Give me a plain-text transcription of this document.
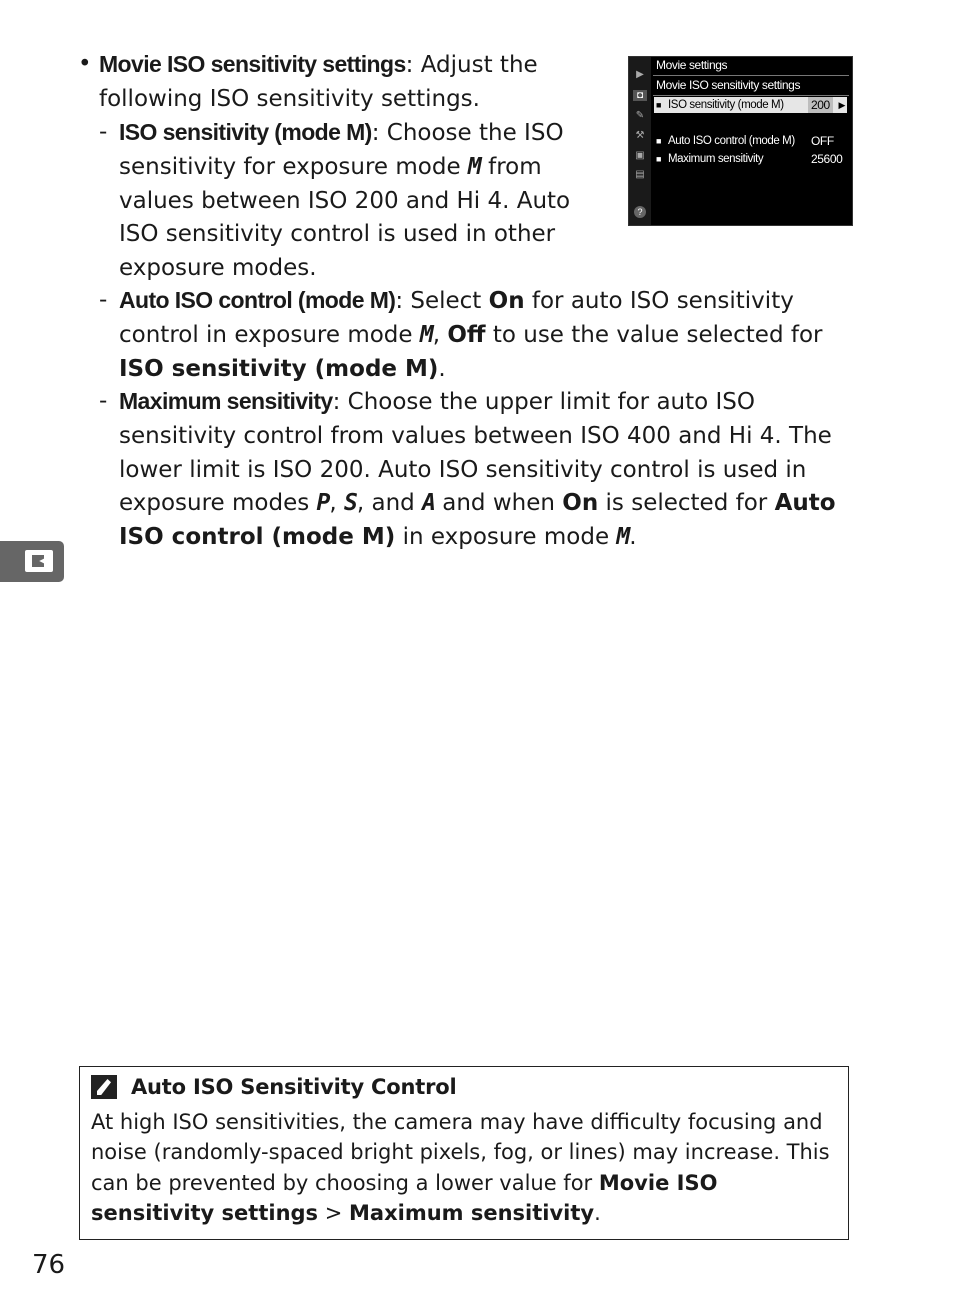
• Movie ISO sensitivity settings: Adjust the following ISO sensitivity settings.
- ISO sensitivity (mode M): Choose the ISO sensitivity for exposure mode M from values between ISO 200 and Hi 4. Auto ISO sensitivity control is used in other exposure modes.
- Auto ISO control (mode M): Select On for auto ISO sensitivity control in exposure mode M, Off to use the value selected for ISO sensitivity (mode M).
- Maximum sensitivity: Choose the upper limit for auto ISO sensitivity control from values between ISO 400 and Hi 4. The lower limit is ISO 200. Auto ISO sensitivity control is used in exposure modes P, S, and A and when On is selected for Auto ISO control (mode M) in exposure mode M.
▶
◘
✎
⚒
▣
▤
Movie settings
Movie ISO sensitivity settings
■ ISO sensitivity (mode M) 200 ▶
■ Auto ISO control (mode M) OFF
■ Maximum sensitivity	25600
?
Auto ISO Sensitivity Control
At high ISO sensitivities, the camera may have difficulty focusing and noise (randomly-spaced bright pixels, fog, or lines) may increase. This can be prevented by choosing a lower value for Movie ISO sensitivity settings > Maximum sensitivity.
76
